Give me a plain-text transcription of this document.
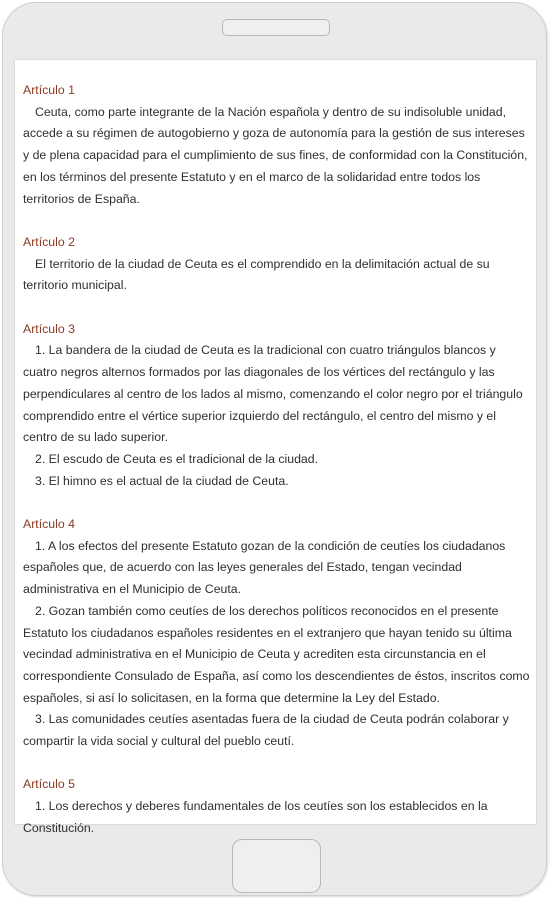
Artículo 1

Ceuta, como parte integrante de la Nación española y dentro de su indisoluble unidad, accede a su régimen de autogobierno y goza de autonomía para la gestión de sus intereses y de plena capacidad para el cumplimiento de sus fines, de conformidad con la Constitución, en los términos del presente Estatuto y en el marco de la solidaridad entre todos los territorios de España.

Artículo 2

El territorio de la ciudad de Ceuta es el comprendido en la delimitación actual de su territorio municipal.

Artículo 3

1. La bandera de la ciudad de Ceuta es la tradicional con cuatro triángulos blancos y cuatro negros alternos formados por las diagonales de los vértices del rectángulo y las perpendiculares al centro de los lados al mismo, comenzando el color negro por el triángulo comprendido entre el vértice superior izquierdo del rectángulo, el centro del mismo y el centro de su lado superior.

2. El escudo de Ceuta es el tradicional de la ciudad.

3. El himno es el actual de la ciudad de Ceuta.

Artículo 4

1. A los efectos del presente Estatuto gozan de la condición de ceutíes los ciudadanos españoles que, de acuerdo con las leyes generales del Estado, tengan vecindad administrativa en el Municipio de Ceuta.

2. Gozan también como ceutíes de los derechos políticos reconocidos en el presente Estatuto los ciudadanos españoles residentes en el extranjero que hayan tenido su última vecindad administrativa en el Municipio de Ceuta y acrediten esta circunstancia en el correspondiente Consulado de España, así como los descendientes de éstos, inscritos como españoles, si así lo solicitasen, en la forma que determine la Ley del Estado.

3. Las comunidades ceutíes asentadas fuera de la ciudad de Ceuta podrán colaborar y compartir la vida social y cultural del pueblo ceutí.

Artículo 5

1. Los derechos y deberes fundamentales de los ceutíes son los establecidos en la Constitución.
